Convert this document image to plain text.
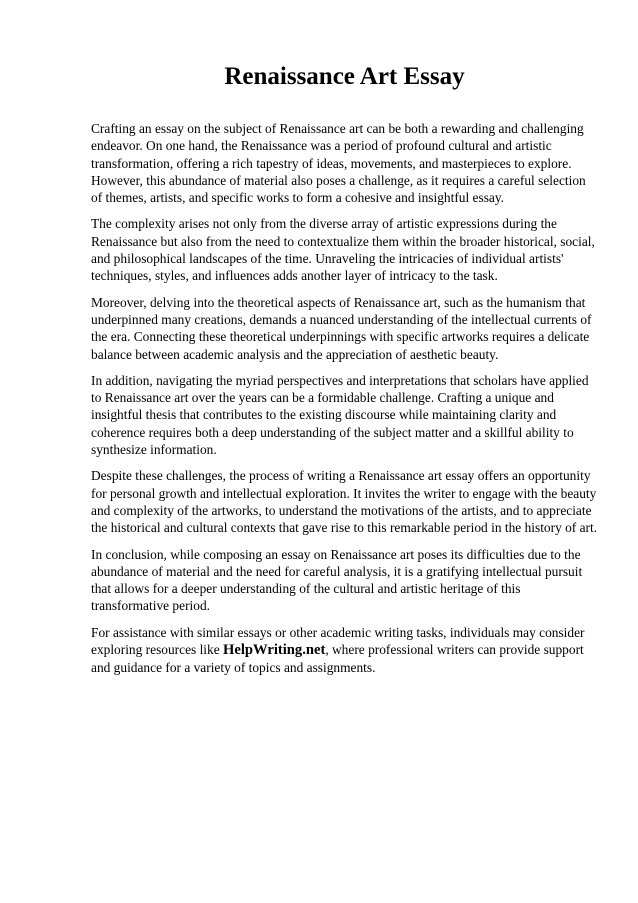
Renaissance Art Essay

Crafting an essay on the subject of Renaissance art can be both a rewarding and challenging endeavor. On one hand, the Renaissance was a period of profound cultural and artistic transformation, offering a rich tapestry of ideas, movements, and masterpieces to explore. However, this abundance of material also poses a challenge, as it requires a careful selection of themes, artists, and specific works to form a cohesive and insightful essay.

The complexity arises not only from the diverse array of artistic expressions during the Renaissance but also from the need to contextualize them within the broader historical, social, and philosophical landscapes of the time. Unraveling the intricacies of individual artists' techniques, styles, and influences adds another layer of intricacy to the task.

Moreover, delving into the theoretical aspects of Renaissance art, such as the humanism that underpinned many creations, demands a nuanced understanding of the intellectual currents of the era. Connecting these theoretical underpinnings with specific artworks requires a delicate balance between academic analysis and the appreciation of aesthetic beauty.

In addition, navigating the myriad perspectives and interpretations that scholars have applied to Renaissance art over the years can be a formidable challenge. Crafting a unique and insightful thesis that contributes to the existing discourse while maintaining clarity and coherence requires both a deep understanding of the subject matter and a skillful ability to synthesize information.

Despite these challenges, the process of writing a Renaissance art essay offers an opportunity for personal growth and intellectual exploration. It invites the writer to engage with the beauty and complexity of the artworks, to understand the motivations of the artists, and to appreciate the historical and cultural contexts that gave rise to this remarkable period in the history of art.

In conclusion, while composing an essay on Renaissance art poses its difficulties due to the abundance of material and the need for careful analysis, it is a gratifying intellectual pursuit that allows for a deeper understanding of the cultural and artistic heritage of this transformative period.

For assistance with similar essays or other academic writing tasks, individuals may consider exploring resources like HelpWriting.net, where professional writers can provide support and guidance for a variety of topics and assignments.
